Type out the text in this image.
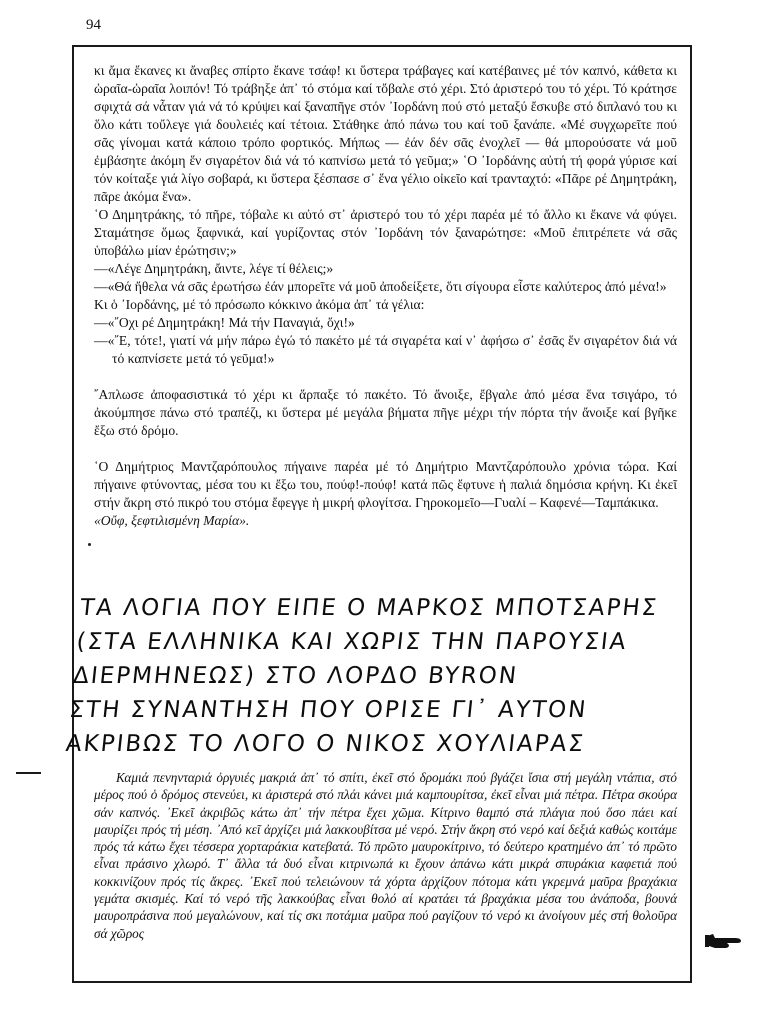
94

κι ἄμα ἔκανες κι ἄναβες σπίρτο ἔκανε τσάφ! κι ὕστερα τράβαγες καί κατέβαινες μέ τόν καπνό, κάθετα κι ὡραῖα-ὡραῖα λοιπόν! Τό τράβηξε ἀπ᾿ τό στόμα καί τὄβαλε στό χέρι. Στό ἀριστερό του τό χέρι. Τό κράτησε σφιχτά σά νἆταν γιά νά τό κρύψει καί ξαναπῆγε στόν ᾿Ιορδάνη πού στό μεταξύ ἔσκυβε στό διπλανό του κι ὅλο κάτι τοὔλεγε γιά δουλειές καί τέτοια. Στάθηκε ἀπό πάνω του καί τοῦ ξανάπε. «Μέ συγχωρεῖτε πού σᾶς γίνομαι κατά κάποιο τρόπο φορτικός. Μήπως — ἐάν δέν σᾶς ἐνοχλεῖ — θά μπορούσατε νά μοῦ ἐμβάσητε ἀκόμη ἕν σιγαρέτον διά νά τό καπνίσω μετά τό γεῦμα;» ῾Ο ᾿Ιορδάνης αὐτή τή φορά γύρισε καί τόν κοίταξε γιά λίγο σοβαρά, κι ὕστερα ξέσπασε σ᾿ ἕνα γέλιο οἰκεῖο καί τρανταχτό: «Πᾶρε ρέ Δημητράκη, πᾶρε ἀκόμα ἕνα».

῾Ο Δημητράκης, τό πῆρε, τόβαλε κι αὐτό στ᾿ ἀριστερό του τό χέρι παρέα μέ τό ἄλλο κι ἔκανε νά φύγει. Σταμάτησε ὅμως ξαφνικά, καί γυρίζοντας στόν ᾿Ιορδάνη τόν ξαναρώτησε: «Μοῦ ἐπιτρέπετε νά σᾶς ὑποβάλω μίαν ἐρώτησιν;»

—«Λέγε Δημητράκη, ἄιντε, λέγε τί θέλεις;»

—«Θά ἤθελα νά σᾶς ἐρωτήσω ἐάν μπορεῖτε νά μοῦ ἀποδείξετε, ὅτι σίγουρα εἶστε καλύτερος ἀπό μένα!»

Κι ὁ ᾿Ιορδάνης, μέ τό πρόσωπο κόκκινο ἀκόμα ἀπ᾿ τά γέλια:

—«῎Οχι ρέ Δημητράκη! Μά τήν Παναγιά, ὄχι!»

—«῎Ε, τότε!, γιατί νά μήν πάρω ἐγώ τό πακέτο μέ τά σιγαρέτα καί ν᾿ ἀφήσω σ᾿ ἐσᾶς ἕν σιγαρέτον διά νά τό καπνίσετε μετά τό γεῦμα!»

῎Απλωσε ἀποφασιστικά τό χέρι κι ἅρπαξε τό πακέτο. Τό ἄνοιξε, ἔβγαλε ἀπό μέσα ἕνα τσιγάρο, τό ἀκούμπησε πάνω στό τραπέζι, κι ὕστερα μέ μεγάλα βήματα πῆγε μέχρι τήν πόρτα τήν ἄνοιξε καί βγῆκε ἔξω στό δρόμο.

῾Ο Δημήτριος Μαντζαρόπουλος πήγαινε παρέα μέ τό Δημήτριο Μαντζαρόπουλο χρόνια τώρα. Καί πήγαινε φτύνοντας, μέσα του κι ἔξω του, πούφ!-πούφ! κατά πῶς ἔφτυνε ἡ παλιά δημόσια κρήνη. Κι ἐκεῖ στήν ἄκρη στό πικρό του στόμα ἔφεγγε ἡ μικρή φλογίτσα. Γηροκομεῖο—Γυαλί – Καφενέ—Ταμπάκικα.

«Οὔφ, ξεφτιλισμένη Μαρία».

ΤΑ ΛΟΓΙΑ ΠΟΥ ΕΙΠΕ Ο ΜΑΡΚΟΣ ΜΠΟΤΣΑΡΗΣ
(ΣΤΑ ΕΛΛΗΝΙΚΑ ΚΑΙ ΧΩΡΙΣ ΤΗΝ ΠΑΡΟΥΣΙΑ
ΔΙΕΡΜΗΝΕΩΣ) ΣΤΟ ΛΟΡΔΟ BYRON
ΣΤΗ ΣΥΝΑΝΤΗΣΗ ΠΟΥ ΟΡΙΣΕ ΓΙ᾿ ΑΥΤΟΝ
ΑΚΡΙΒΩΣ ΤΟ ΛΟΓΟ Ο ΝΙΚΟΣ ΧΟΥΛΙΑΡΑΣ

Καμιά πενηνταριά ὀργυιές μακριά ἀπ᾿ τό σπίτι, ἐκεῖ στό δρομάκι πού βγάζει ἴσια στή μεγάλη ντάπια, στό μέρος πού ὁ δρόμος στενεύει, κι ἀριστερά στό πλάι κάνει μιά καμπουρίτσα, ἐκεῖ εἶναι μιά πέτρα. Πέτρα σκούρα σάν καπνός. ᾿Εκεῖ ἀκριβῶς κάτω ἀπ᾿ τήν πέτρα ἔχει χῶμα. Κίτρινο θαμπό στά πλάγια πού ὅσο πάει καί μαυρίζει πρός τή μέση. ᾿Από κεῖ ἀρχίζει μιά λακκουβίτσα μέ νερό. Στήν ἄκρη στό νερό καί δεξιά καθώς κοιτάμε πρός τά κάτω ἔχει τέσσερα χορταράκια κατεβατά. Τό πρῶτο μαυροκίτρινο, τό δεύτερο κρατημένο ἀπ᾿ τό πρῶτο εἶναι πράσινο χλωρό. Τ᾿ ἄλλα τά δυό εἶναι κιτρινωπά κι ἔχουν ἀπάνω κάτι μικρά σπυράκια καφετιά πού κοκκινίζουν πρός τίς ἄκρες. ᾿Εκεῖ πού τελειώνουν τά χόρτα ἀρχίζουν πότομα κάτι γκρεμνά μαῦρα βραχάκια γεμάτα σκισμές. Καί τό νερό τῆς λακκούβας εἶναι θολό αί κρατάει τά βραχάκια μέσα του ἀνάποδα, βουνά μαυροπράσινα πού μεγαλώνουν, καί τίς σκι ποτάμια μαῦρα πού ραγίζουν τό νερό κι ἀνοίγουν μές στή θολοῦρα σά χῶρος
